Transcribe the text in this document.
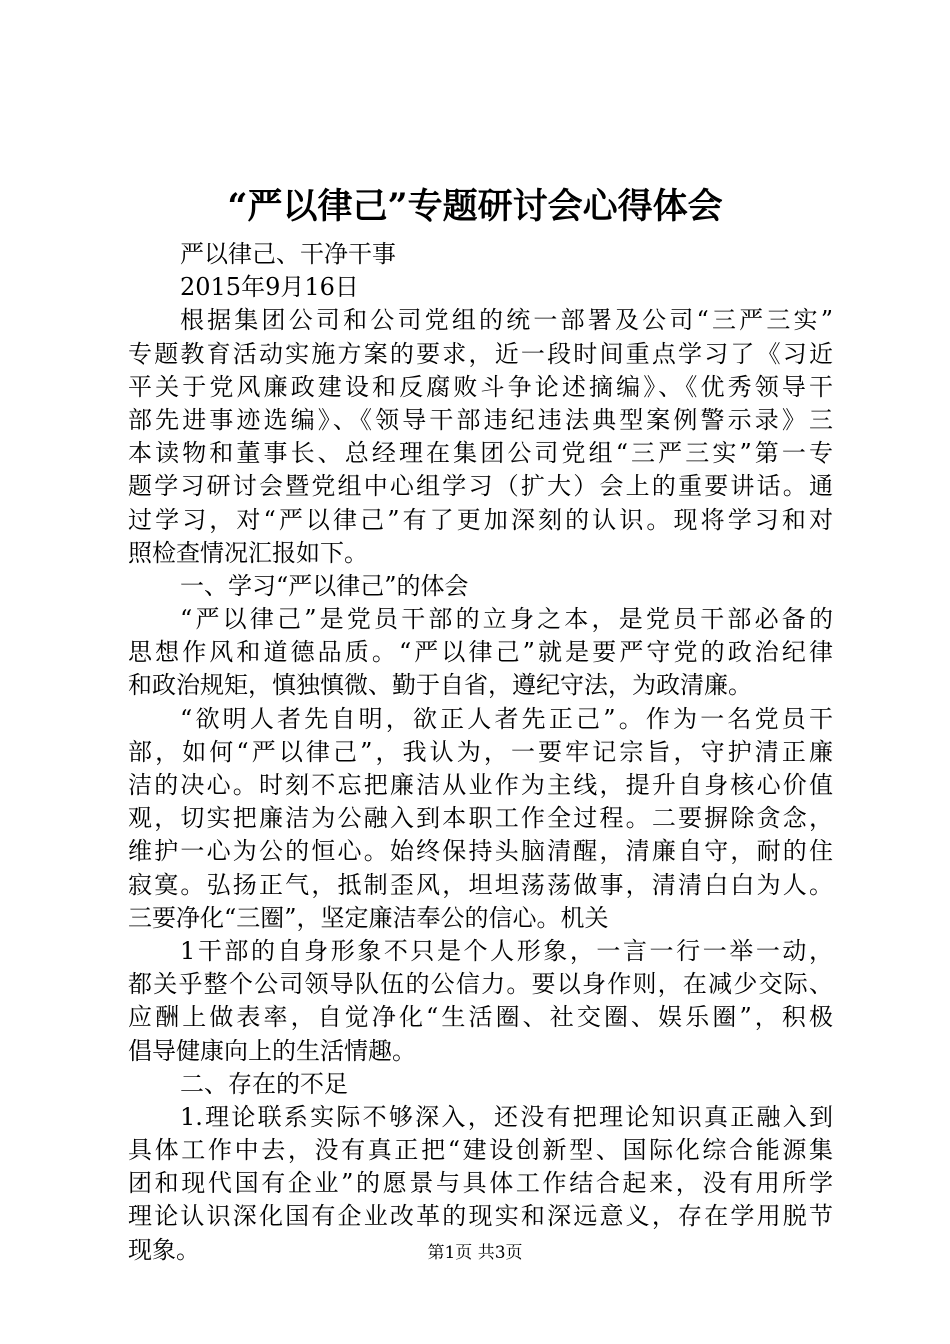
“严以律己”专题研讨会心得体会

严以律己、干净干事

2015年9月16日

根据集团公司和公司党组的统一部署及公司“三严三实”

专题教育活动实施方案的要求，近一段时间重点学习了《习近

平关于党风廉政建设和反腐败斗争论述摘编》、《优秀领导干

部先进事迹选编》、《领导干部违纪违法典型案例警示录》三

本读物和董事长、总经理在集团公司党组“三严三实”第一专

题学习研讨会暨党组中心组学习（扩大）会上的重要讲话。通

过学习，对“严以律己”有了更加深刻的认识。现将学习和对

照检查情况汇报如下。

一、学习“严以律己”的体会

“严以律己”是党员干部的立身之本，是党员干部必备的

思想作风和道德品质。“严以律己”就是要严守党的政治纪律

和政治规矩，慎独慎微、勤于自省，遵纪守法，为政清廉。

“欲明人者先自明，欲正人者先正己”。作为一名党员干

部，如何“严以律己”，我认为，一要牢记宗旨，守护清正廉

洁的决心。时刻不忘把廉洁从业作为主线，提升自身核心价值

观，切实把廉洁为公融入到本职工作全过程。二要摒除贪念，

维护一心为公的恒心。始终保持头脑清醒，清廉自守，耐的住

寂寞。弘扬正气，抵制歪风，坦坦荡荡做事，清清白白为人。

三要净化“三圈”，坚定廉洁奉公的信心。机关

1干部的自身形象不只是个人形象，一言一行一举一动，

都关乎整个公司领导队伍的公信力。要以身作则，在减少交际、

应酬上做表率，自觉净化“生活圈、社交圈、娱乐圈”，积极

倡导健康向上的生活情趣。

二、存在的不足

1.理论联系实际不够深入，还没有把理论知识真正融入到

具体工作中去，没有真正把“建设创新型、国际化综合能源集

团和现代国有企业”的愿景与具体工作结合起来，没有用所学

理论认识深化国有企业改革的现实和深远意义，存在学用脱节

现象。	第1页 共3页
